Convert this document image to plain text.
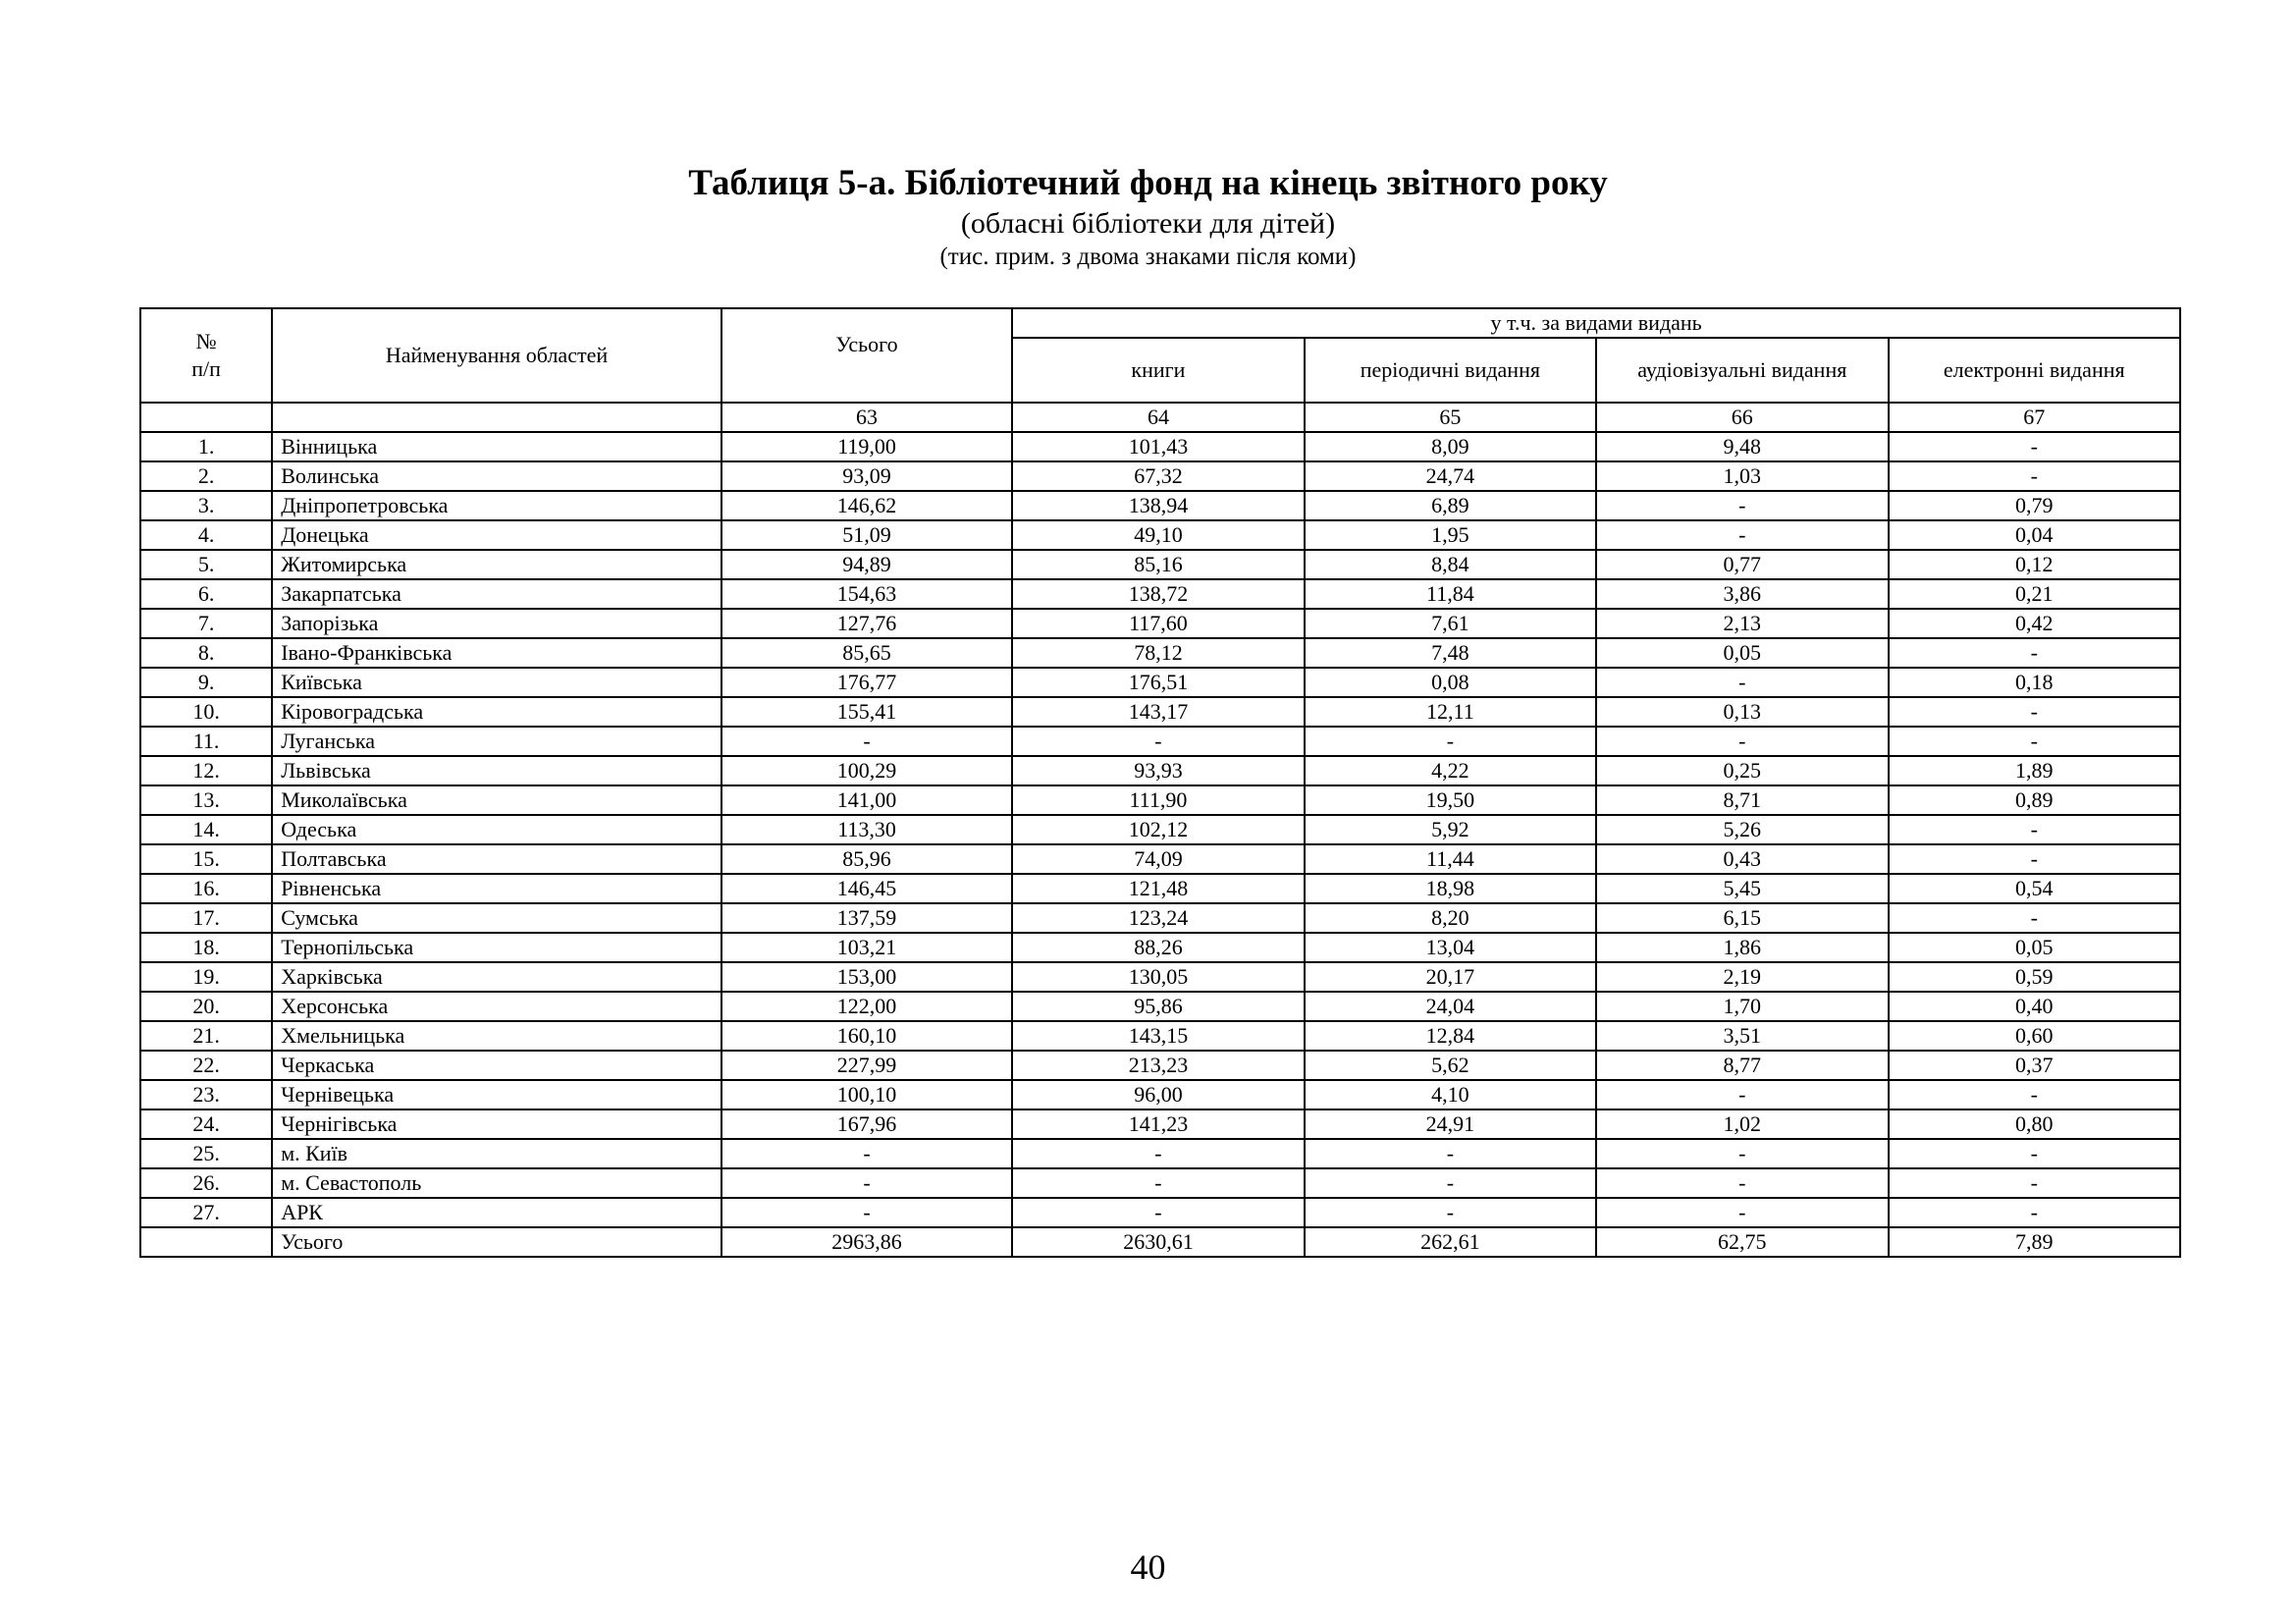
Таблиця 5-а. Бібліотечний фонд на кінець звітного року
(обласні бібліотеки для дітей)
(тис. прим. з двома знаками після коми)
№
п/п	Найменування областей	Усього	у т.ч. за видами видань			
			книги	періодичні видання	аудіовізуальні видання	електронні видання
		63	64	65	66	67
1.	Вінницька	119,00	101,43	8,09	9,48	-
2.	Волинська	93,09	67,32	24,74	1,03	-
3.	Дніпропетровська	146,62	138,94	6,89	-	0,79
4.	Донецька	51,09	49,10	1,95	-	0,04
5.	Житомирська	94,89	85,16	8,84	0,77	0,12
6.	Закарпатська	154,63	138,72	11,84	3,86	0,21
7.	Запорізька	127,76	117,60	7,61	2,13	0,42
8.	Івано-Франківська	85,65	78,12	7,48	0,05	-
9.	Київська	176,77	176,51	0,08	-	0,18
10.	Кіровоградська	155,41	143,17	12,11	0,13	-
11.	Луганська	-	-	-	-	-
12.	Львівська	100,29	93,93	4,22	0,25	1,89
13.	Миколаївська	141,00	111,90	19,50	8,71	0,89
14.	Одеська	113,30	102,12	5,92	5,26	-
15.	Полтавська	85,96	74,09	11,44	0,43	-
16.	Рівненська	146,45	121,48	18,98	5,45	0,54
17.	Сумська	137,59	123,24	8,20	6,15	-
18.	Тернопільська	103,21	88,26	13,04	1,86	0,05
19.	Харківська	153,00	130,05	20,17	2,19	0,59
20.	Херсонська	122,00	95,86	24,04	1,70	0,40
21.	Хмельницька	160,10	143,15	12,84	3,51	0,60
22.	Черкаська	227,99	213,23	5,62	8,77	0,37
23.	Чернівецька	100,10	96,00	4,10	-	-
24.	Чернігівська	167,96	141,23	24,91	1,02	0,80
25.	м. Київ	-	-	-	-	-
26.	м. Севастополь	-	-	-	-	-
27.	АРК	-	-	-	-	-
	Усього	2963,86	2630,61	262,61	62,75	7,89
40
